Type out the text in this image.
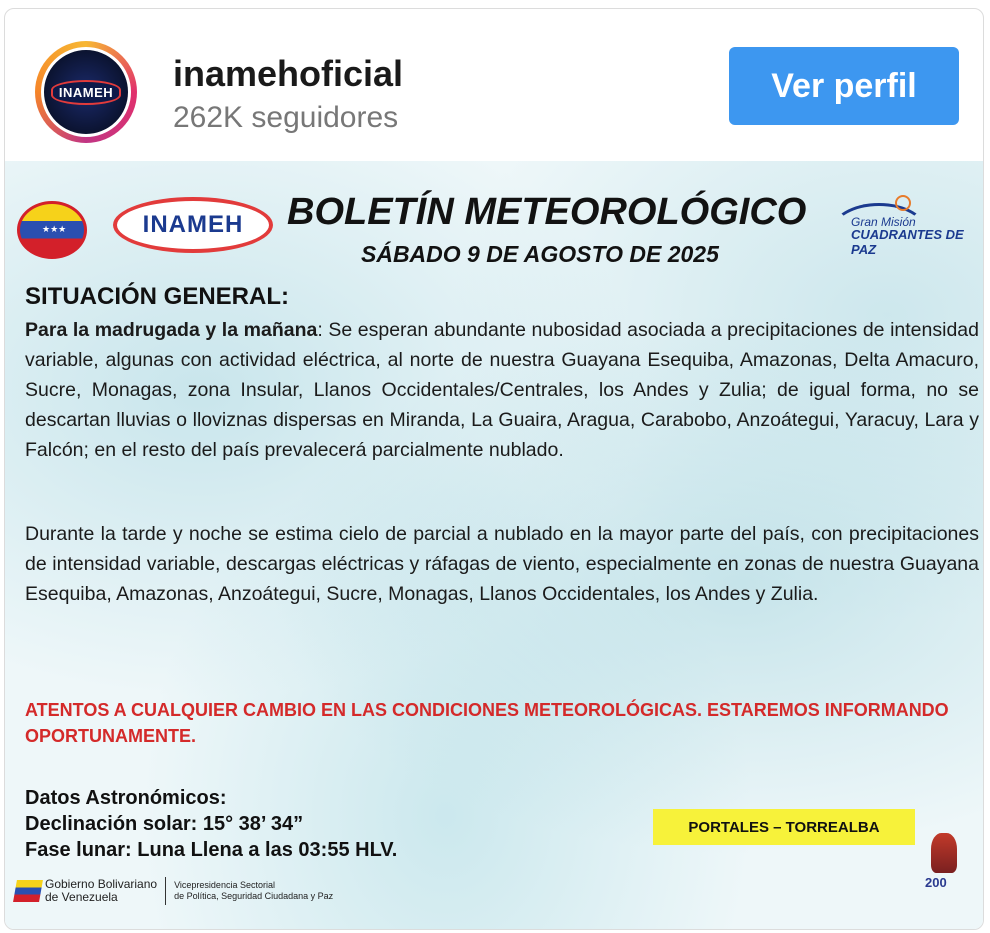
INAMEH inamehoficial
262K seguidores
Ver perfil
★★★	INAMEH BOLETÍN METEOROLÓGICO
SÁBADO 9 DE AGOSTO DE 2025
Gran Misión
CUADRANTES DE PAZ
SITUACIÓN GENERAL:
Para la madrugada y la mañana: Se esperan abundante nubosidad asociada a precipitaciones de intensidad variable, algunas con actividad eléctrica, al norte de nuestra Guayana Esequiba, Amazonas, Delta Amacuro, Sucre, Monagas, zona Insular, Llanos Occidentales/Centrales, los Andes y Zulia; de igual forma, no se descartan lluvias o lloviznas dispersas en Miranda, La Guaira, Aragua, Carabobo, Anzoátegui, Yaracuy, Lara y Falcón; en el resto del país prevalecerá parcialmente nublado.
Durante la tarde y noche se estima cielo de parcial a nublado en la mayor parte del país, con precipitaciones de intensidad variable, descargas eléctricas y ráfagas de viento, especialmente en zonas de nuestra Guayana Esequiba, Amazonas, Anzoátegui, Sucre, Monagas, Llanos Occidentales, los Andes y Zulia.
ATENTOS A CUALQUIER CAMBIO EN LAS CONDICIONES METEOROLÓGICAS. ESTAREMOS INFORMANDO OPORTUNAMENTE.
Datos Astronómicos:
Declinación solar: 15° 38’ 34”
Fase lunar: Luna Llena a las 03:55 HLV.
PORTALES – TORREALBA
Gobierno Bolivariano
de Venezuela
Vicepresidencia Sectorial
de Política, Seguridad Ciudadana y Paz
200
